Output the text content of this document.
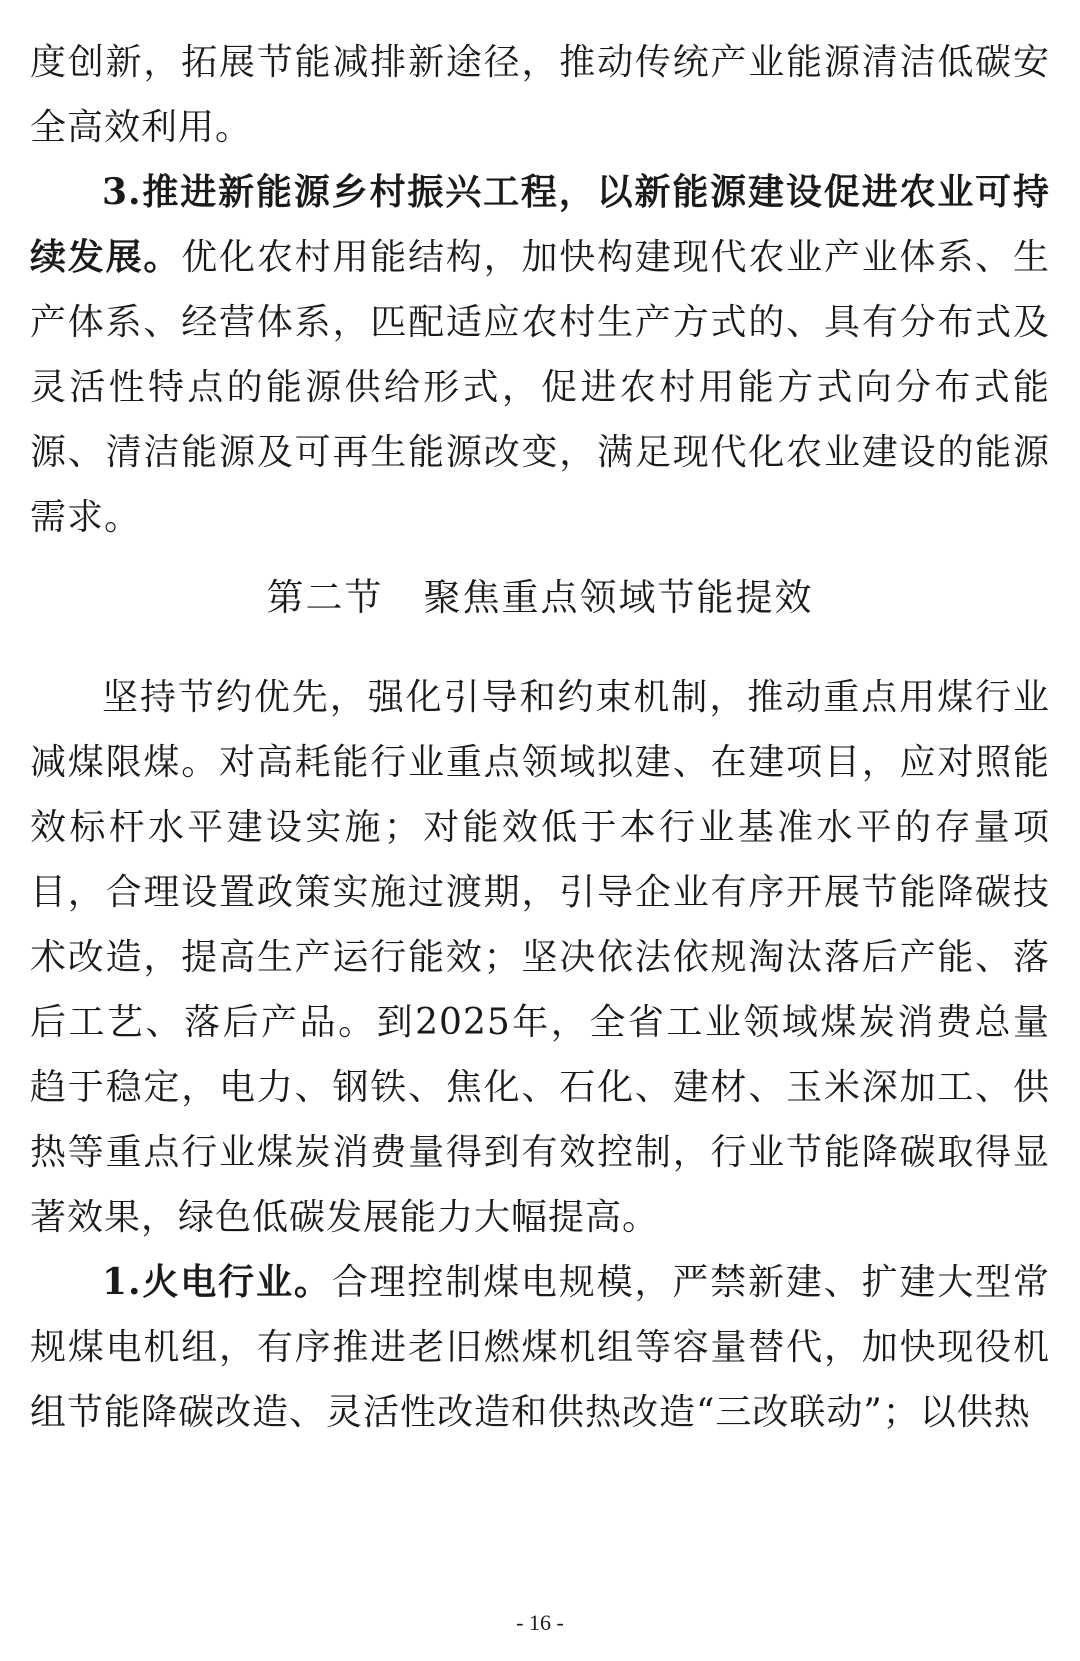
度创新，拓展节能减排新途径，推动传统产业能源清洁低碳安全高效利用。

3.推进新能源乡村振兴工程，以新能源建设促进农业可持续发展。优化农村用能结构，加快构建现代农业产业体系、生产体系、经营体系，匹配适应农村生产方式的、具有分布式及灵活性特点的能源供给形式，促进农村用能方式向分布式能源、清洁能源及可再生能源改变，满足现代化农业建设的能源需求。

第二节 聚焦重点领域节能提效

坚持节约优先，强化引导和约束机制，推动重点用煤行业减煤限煤。对高耗能行业重点领域拟建、在建项目，应对照能效标杆水平建设实施；对能效低于本行业基准水平的存量项目，合理设置政策实施过渡期，引导企业有序开展节能降碳技术改造，提高生产运行能效；坚决依法依规淘汰落后产能、落后工艺、落后产品。到2025年，全省工业领域煤炭消费总量趋于稳定，电力、钢铁、焦化、石化、建材、玉米深加工、供热等重点行业煤炭消费量得到有效控制，行业节能降碳取得显著效果，绿色低碳发展能力大幅提高。

1.火电行业。合理控制煤电规模，严禁新建、扩建大型常规煤电机组，有序推进老旧燃煤机组等容量替代，加快现役机组节能降碳改造、灵活性改造和供热改造“三改联动”；以供热

- 16 -
